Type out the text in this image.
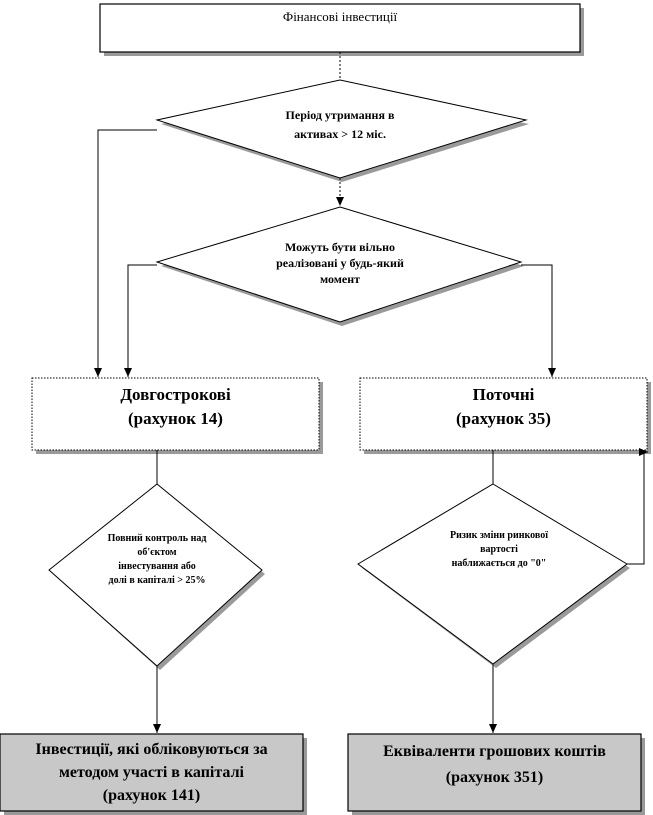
Фінансові інвестиції
Період утримання в
активах > 12 міс.
Можуть бути вільно
реалізовані у будь-який
момент
Довгострокові
(рахунок 14)
Поточні
(рахунок 35)
Повний контроль над
об'єктом
інвестування або
долі в капіталі > 25%
Ризик зміни ринкової
вартості
наближається до "0"
Інвестиції, які обліковуються за
методом участі в капіталі
(рахунок 141)
Еквіваленти грошових коштів
(рахунок 351)
